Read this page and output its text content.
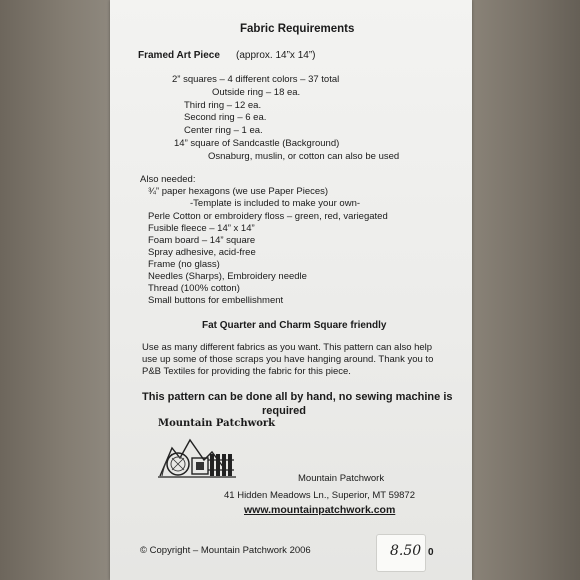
Fabric Requirements
Framed Art Piece (approx. 14”x 14”)
2” squares – 4 different colors – 37 total
Outside ring – 18 ea.
Third ring – 12 ea.
Second ring – 6 ea.
Center ring – 1 ea.
14” square of Sandcastle (Background)
Osnaburg, muslin, or cotton can also be used
Also needed:
¾” paper hexagons (we use Paper Pieces)
-Template is included to make your own-
Perle Cotton or embroidery floss – green, red, variegated
Fusible fleece – 14” x 14”
Foam board – 14” square
Spray adhesive, acid-free
Frame (no glass)
Needles (Sharps), Embroidery needle
Thread (100% cotton)
Small buttons for embellishment
Fat Quarter and Charm Square friendly
Use as many different fabrics as you want. This pattern can also help
use up some of those scraps you have hanging around. Thank you to
P&B Textiles for providing the fabric for this piece.
This pattern can be done all by hand, no sewing machine is
required
Mountain Patchwork
Mountain Patchwork
41 Hidden Meadows Ln., Superior, MT 59872
www.mountainpatchwork.com
© Copyright – Mountain Patchwork 2006	8.50 0
